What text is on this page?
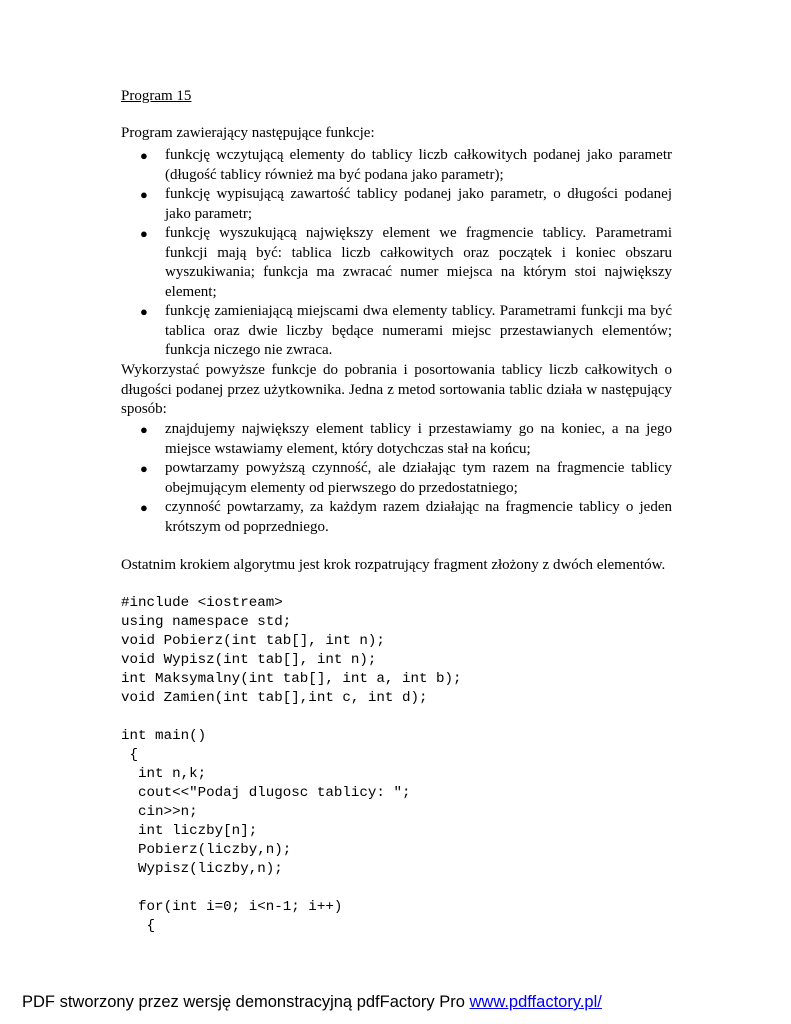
Program 15
Program zawierający następujące funkcje:
● funkcję wczytującą elementy do tablicy liczb całkowitych podanej jako parametr (długość tablicy również ma być podana jako parametr);
● funkcję wypisującą zawartość tablicy podanej jako parametr, o długości podanej jako parametr;
● funkcję wyszukującą największy element we fragmencie tablicy. Parametrami funkcji mają być: tablica liczb całkowitych oraz początek i koniec obszaru wyszukiwania; funkcja ma zwracać numer miejsca na którym stoi największy element;
● funkcję zamieniającą miejscami dwa elementy tablicy. Parametrami funkcji ma być tablica oraz dwie liczby będące numerami miejsc przestawianych elementów; funkcja niczego nie zwraca.
Wykorzystać powyższe funkcje do pobrania i posortowania tablicy liczb całkowitych o długości podanej przez użytkownika. Jedna z metod sortowania tablic działa w następujący sposób:
● znajdujemy największy element tablicy i przestawiamy go na koniec, a na jego miejsce wstawiamy element, który dotychczas stał na końcu;
● powtarzamy powyższą czynność, ale działając tym razem na fragmencie tablicy obejmującym elementy od pierwszego do przedostatniego;
● czynność powtarzamy, za każdym razem działając na fragmencie tablicy o jeden krótszym od poprzedniego.
Ostatnim krokiem algorytmu jest krok rozpatrujący fragment złożony z dwóch elementów.
#include <iostream>
using namespace std;
void Pobierz(int tab[], int n);
void Wypisz(int tab[], int n);
int Maksymalny(int tab[], int a, int b);
void Zamien(int tab[],int c, int d);
int main()
{
int n,k;
cout<<"Podaj dlugosc tablicy: ";
cin>>n;
int liczby[n];
Pobierz(liczby,n);
Wypisz(liczby,n);
for(int i=0; i<n-1; i++)
{
PDF stworzony przez wersję demonstracyjną pdfFactory Pro www.pdffactory.pl/
